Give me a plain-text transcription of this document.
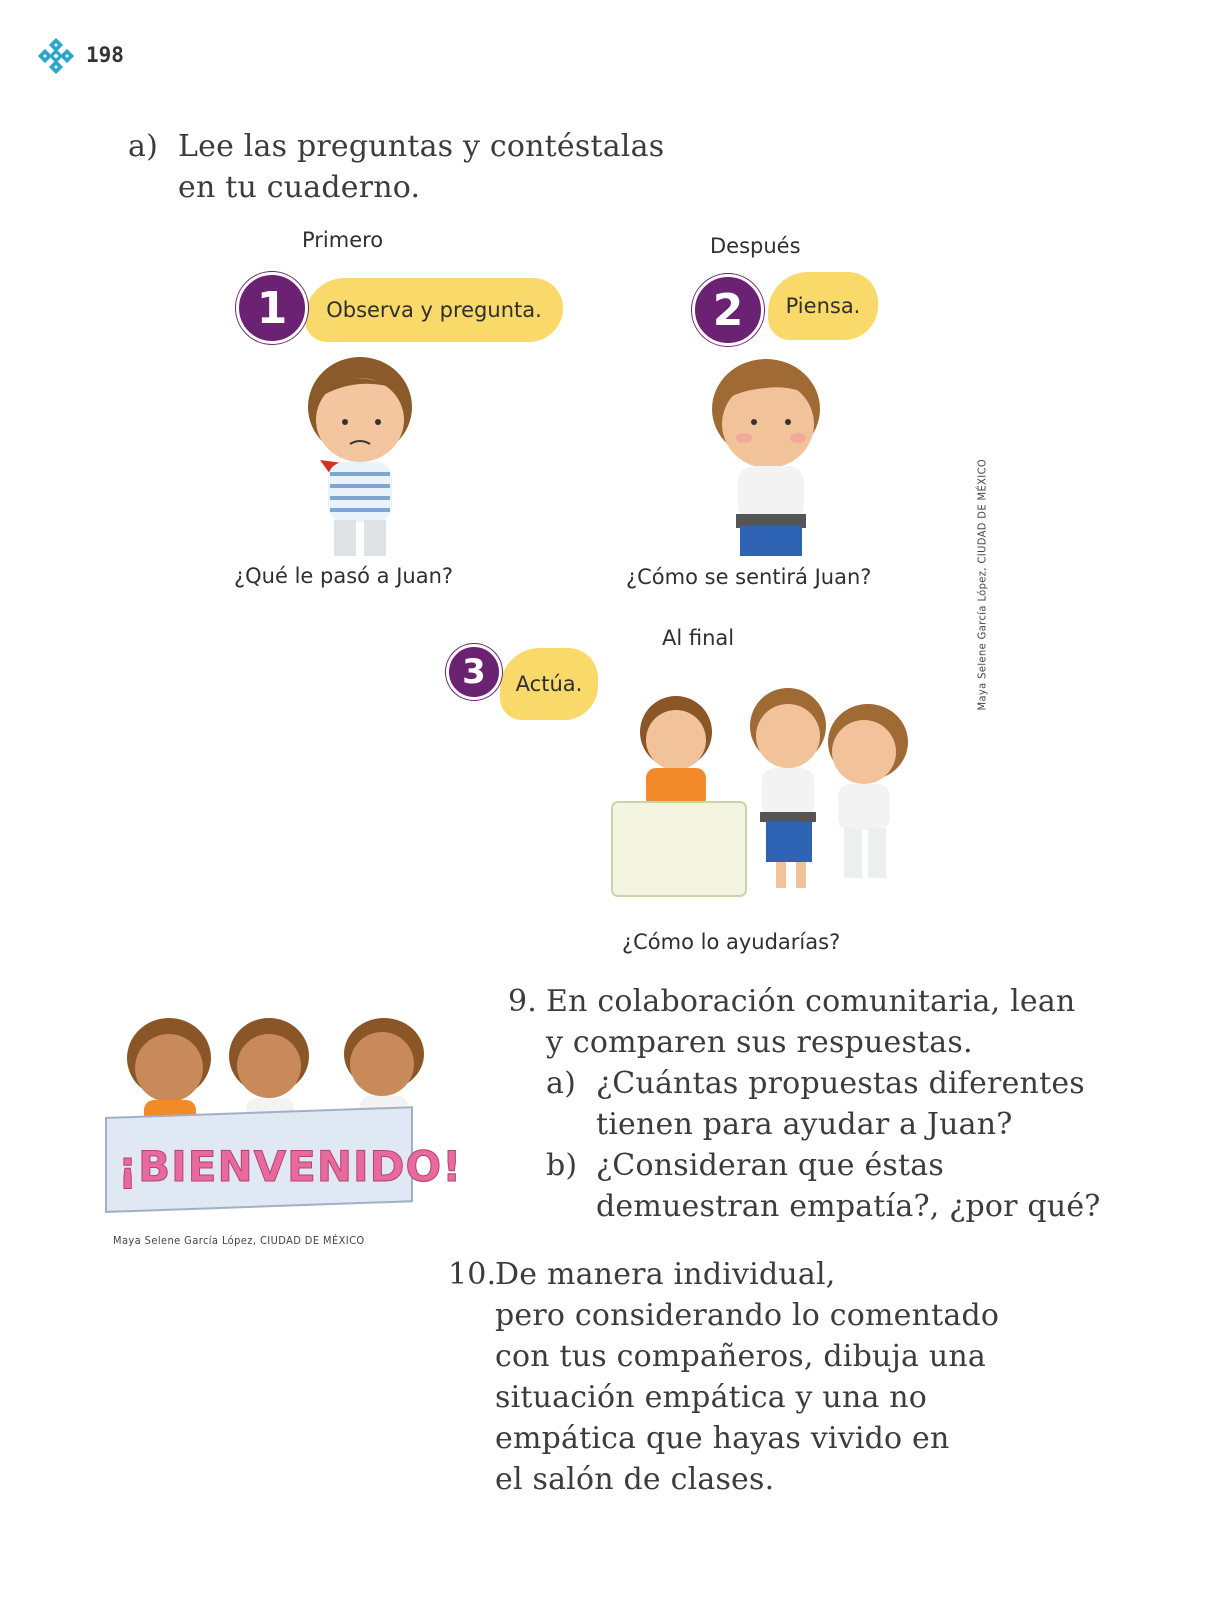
198
a) Lee las preguntas y contéstalas
en tu cuaderno.
Primero
Observa y pregunta.
1
¿Qué le pasó a Juan?
Después
Piensa.
2
¿Cómo se sentirá Juan?	Maya Selene García López, CIUDAD DE MÉXICO
Al final
Actúa.
3
¿Cómo lo ayudarías?
¡BIENVENIDO!
Maya Selene García López, CIUDAD DE MÉXICO
9. En colaboración comunitaria, lean
y comparen sus respuestas.
a) ¿Cuántas propuestas diferentes
tienen para ayudar a Juan?
b) ¿Consideran que éstas
demuestran empatía?, ¿por qué?
10.
De manera individual,
pero considerando lo comentado
con tus compañeros, dibuja una
situación empática y una no
empática que hayas vivido en
el salón de clases.
